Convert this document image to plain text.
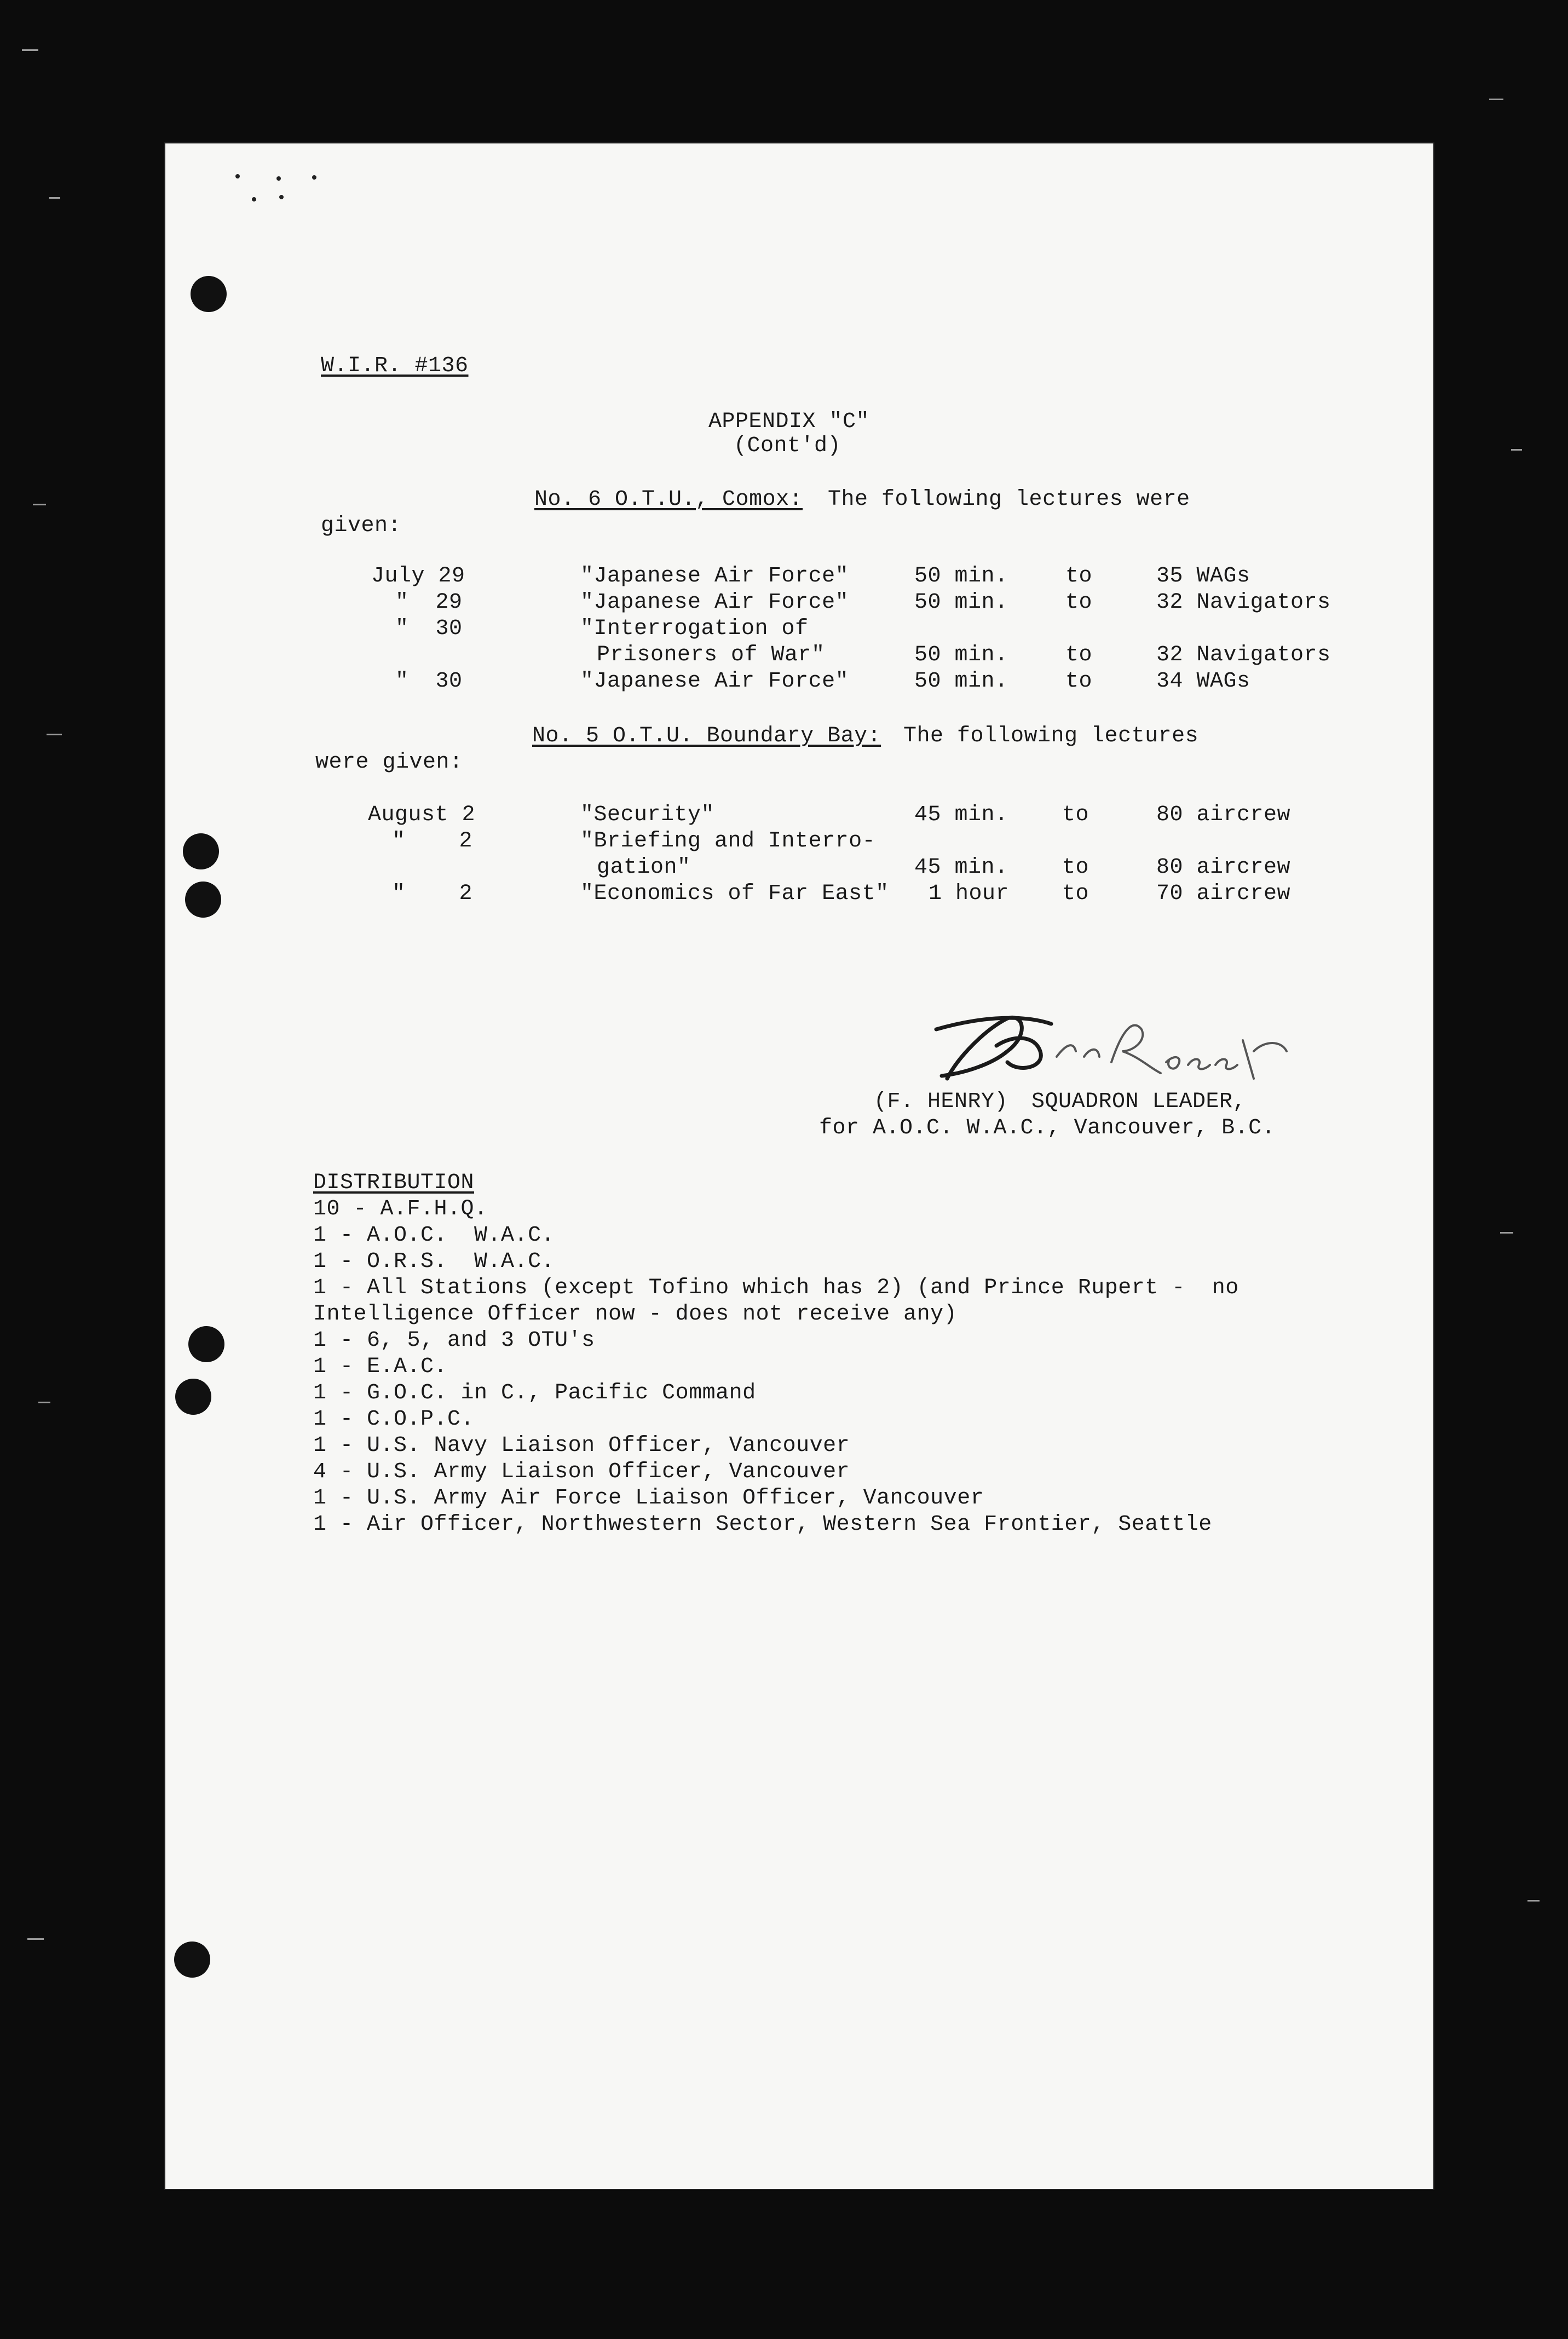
W.I.R. #136
APPENDIX "C"
(Cont'd)
No. 6 O.T.U., Comox: The following lectures were
given:
July 29	"Japanese Air Force"	50 min.	to	35 WAGs
"  29	"Japanese Air Force"	50 min.	to	32 Navigators
"  30	"Interrogation of
Prisoners of War"	50 min.	to	32 Navigators
"  30	"Japanese Air Force"	50 min.	to	34 WAGs
No. 5 O.T.U. Boundary Bay: The following lectures
were given:
August 2	"Security"	45 min. to	80 aircrew
"    2	"Briefing and Interro-
gation"	45 min. to	80 aircrew
"    2	"Economics of Far East" 1 hour to	70 aircrew
(F. HENRY) SQUADRON LEADER,
for A.O.C. W.A.C., Vancouver, B.C.
DISTRIBUTION
10 - A.F.H.Q.
1 - A.O.C.  W.A.C.
1 - O.R.S.  W.A.C.
1 - All Stations (except Tofino which has 2) (and Prince Rupert -  no
Intelligence Officer now - does not receive any)
1 - 6, 5, and 3 OTU's
1 - E.A.C.
1 - G.O.C. in C., Pacific Command
1 - C.O.P.C.
1 - U.S. Navy Liaison Officer, Vancouver
4 - U.S. Army Liaison Officer, Vancouver
1 - U.S. Army Air Force Liaison Officer, Vancouver
1 - Air Officer, Northwestern Sector, Western Sea Frontier, Seattle
